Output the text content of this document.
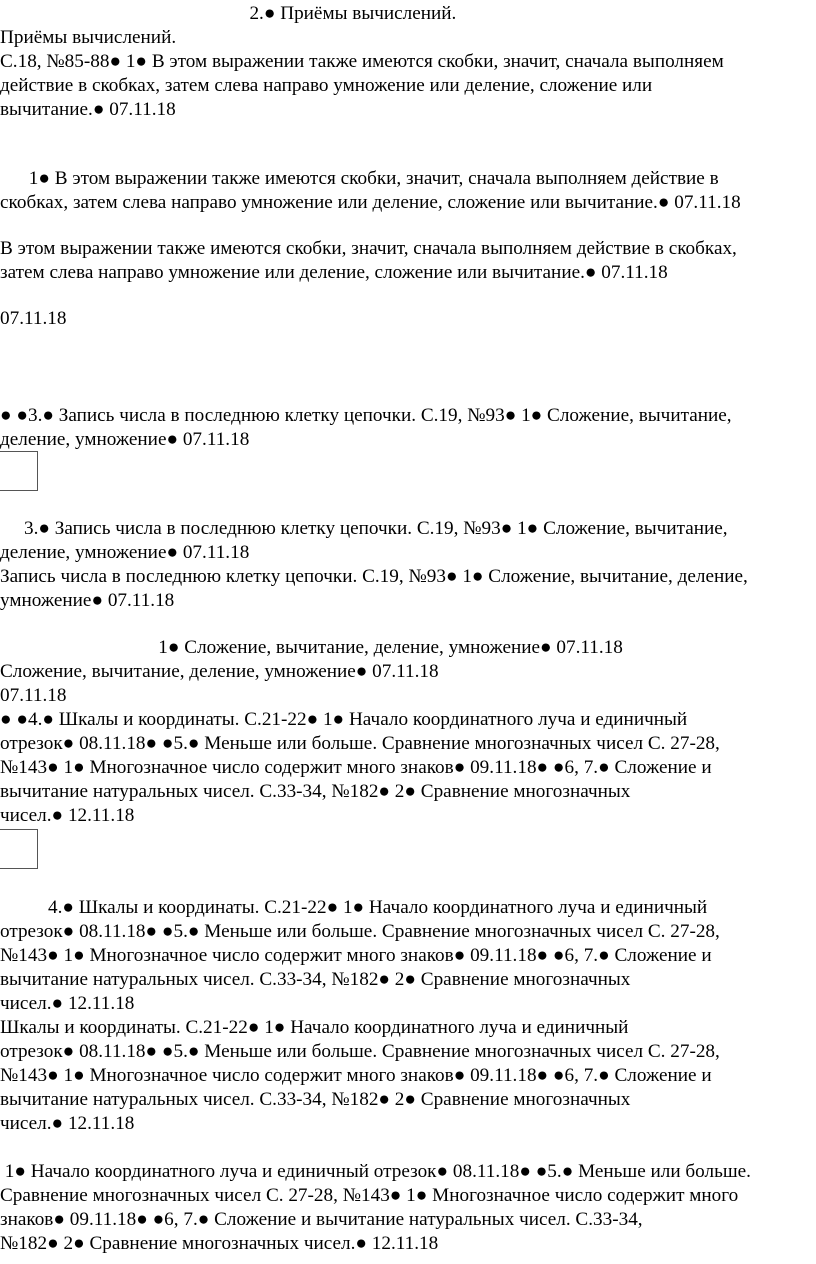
2.● Приёмы вычислений.
Приёмы вычислений.
С.18, №85-88● 1● В этом выражении также имеются скобки, значит, сначала выполняем
действие в скобках, затем слева направо умножение или деление, сложение или
вычитание.● 07.11.18
1● В этом выражении также имеются скобки, значит, сначала выполняем действие в
скобках, затем слева направо умножение или деление, сложение или вычитание.● 07.11.18
В этом выражении также имеются скобки, значит, сначала выполняем действие в скобках,
затем слева направо умножение или деление, сложение или вычитание.● 07.11.18
07.11.18
● ●3.● Запись числа в последнюю клетку цепочки. С.19, №93● 1● Сложение, вычитание,
деление, умножение● 07.11.18
3.● Запись числа в последнюю клетку цепочки. С.19, №93● 1● Сложение, вычитание,
деление, умножение● 07.11.18
Запись числа в последнюю клетку цепочки. С.19, №93● 1● Сложение, вычитание, деление,
умножение● 07.11.18
1● Сложение, вычитание, деление, умножение● 07.11.18
Сложение, вычитание, деление, умножение● 07.11.18
07.11.18
● ●4.● Шкалы и координаты. С.21-22● 1● Начало координатного луча и единичный
отрезок● 08.11.18● ●5.● Меньше или больше. Сравнение многозначных чисел С. 27-28,
№143● 1● Многозначное число содержит много знаков● 09.11.18● ●6, 7.● Сложение и
вычитание натуральных чисел. С.33-34, №182● 2● Сравнение многозначных
чисел.● 12.11.18
4.● Шкалы и координаты. С.21-22● 1● Начало координатного луча и единичный
отрезок● 08.11.18● ●5.● Меньше или больше. Сравнение многозначных чисел С. 27-28,
№143● 1● Многозначное число содержит много знаков● 09.11.18● ●6, 7.● Сложение и
вычитание натуральных чисел. С.33-34, №182● 2● Сравнение многозначных
чисел.● 12.11.18
Шкалы и координаты. С.21-22● 1● Начало координатного луча и единичный
отрезок● 08.11.18● ●5.● Меньше или больше. Сравнение многозначных чисел С. 27-28,
№143● 1● Многозначное число содержит много знаков● 09.11.18● ●6, 7.● Сложение и
вычитание натуральных чисел. С.33-34, №182● 2● Сравнение многозначных
чисел.● 12.11.18
1● Начало координатного луча и единичный отрезок● 08.11.18● ●5.● Меньше или больше.
Сравнение многозначных чисел С. 27-28, №143● 1● Многозначное число содержит много
знаков● 09.11.18● ●6, 7.● Сложение и вычитание натуральных чисел. С.33-34,
№182● 2● Сравнение многозначных чисел.● 12.11.18
